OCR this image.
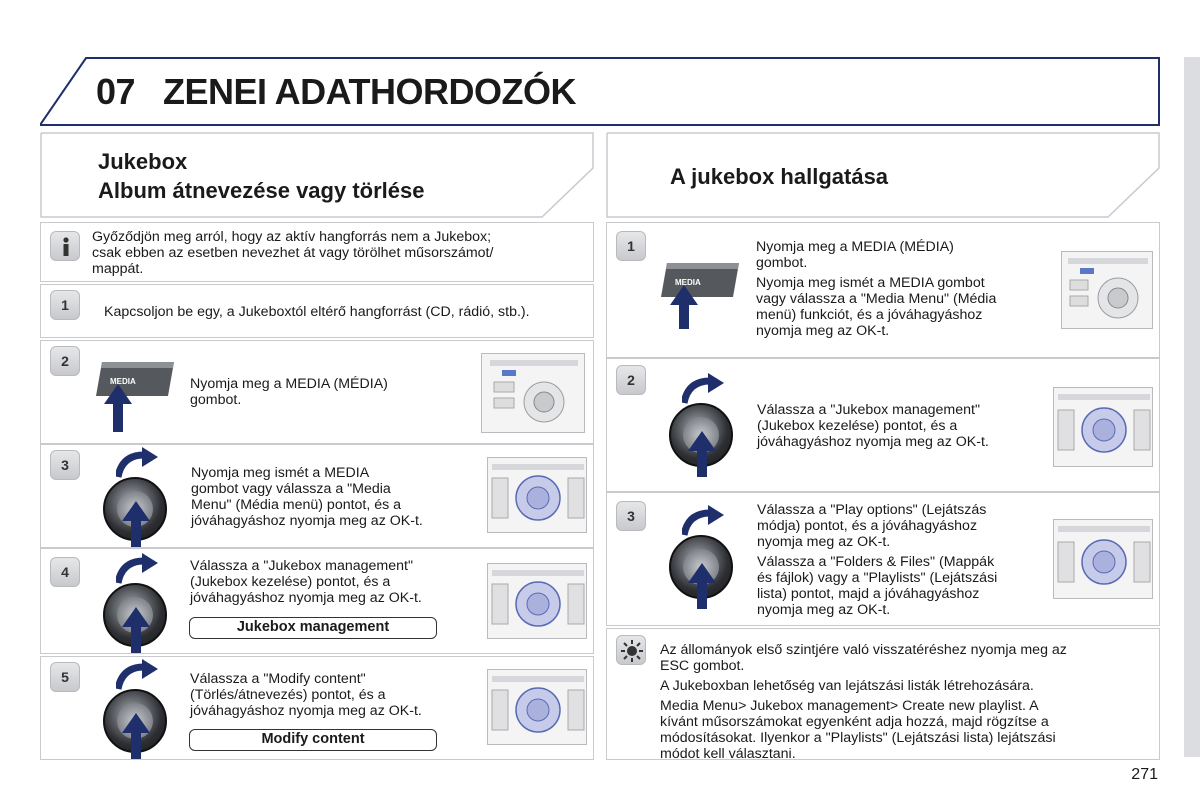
07 ZENEI ADATHORDOZÓK
Jukebox
Album átnevezése vagy törlése
A jukebox hallgatása
Győződjön meg arról, hogy az aktív hangforrás nem a Jukebox;
csak ebben az esetben nevezhet át vagy törölhet műsorszámot/
mappát.
1	Kapcsoljon be egy, a Jukeboxtól eltérő hangforrást (CD, rádió, stb.).
2
MEDIA	Nyomja meg a MEDIA (MÉDIA)
gombot.
3	Nyomja meg ismét a MEDIA
gombot vagy válassza a "Media
Menu" (Média menü) pontot, és a
jóváhagyáshoz nyomja meg az OK-t.
4	Válassza a "Jukebox management"
(Jukebox kezelése) pontot, és a
jóváhagyáshoz nyomja meg az OK-t.
Jukebox management
5	Válassza a "Modify content"
(Törlés/átnevezés) pontot, és a
jóváhagyáshoz nyomja meg az OK-t.
Modify content
1
MEDIA

Nyomja meg a MEDIA (MÉDIA)
gombot.

Nyomja meg ismét a MEDIA gombot
vagy válassza a "Media Menu" (Média
menü) funkciót, és a jóváhagyáshoz
nyomja meg az OK-t.

2
Válassza a "Jukebox management"
(Jukebox kezelése) pontot, és a
jóváhagyáshoz nyomja meg az OK-t.
3	Válassza a "Play options" (Lejátszás
módja) pontot, és a jóváhagyáshoz
nyomja meg az OK-t.

Válassza a "Folders & Files" (Mappák
és fájlok) vagy a "Playlists" (Lejátszási
lista) pontot, majd a jóváhagyáshoz
nyomja meg az OK-t.

Az állományok első szintjére való visszatéréshez nyomja meg az
ESC gombot.

A Jukeboxban lehetőség van lejátszási listák létrehozására.

Media Menu> Jukebox management> Create new playlist. A
kívánt műsorszámokat egyenként adja hozzá, majd rögzítse a
módosításokat. Ilyenkor a "Playlists" (Lejátszási lista) lejátszási
módot kell választani.

271
